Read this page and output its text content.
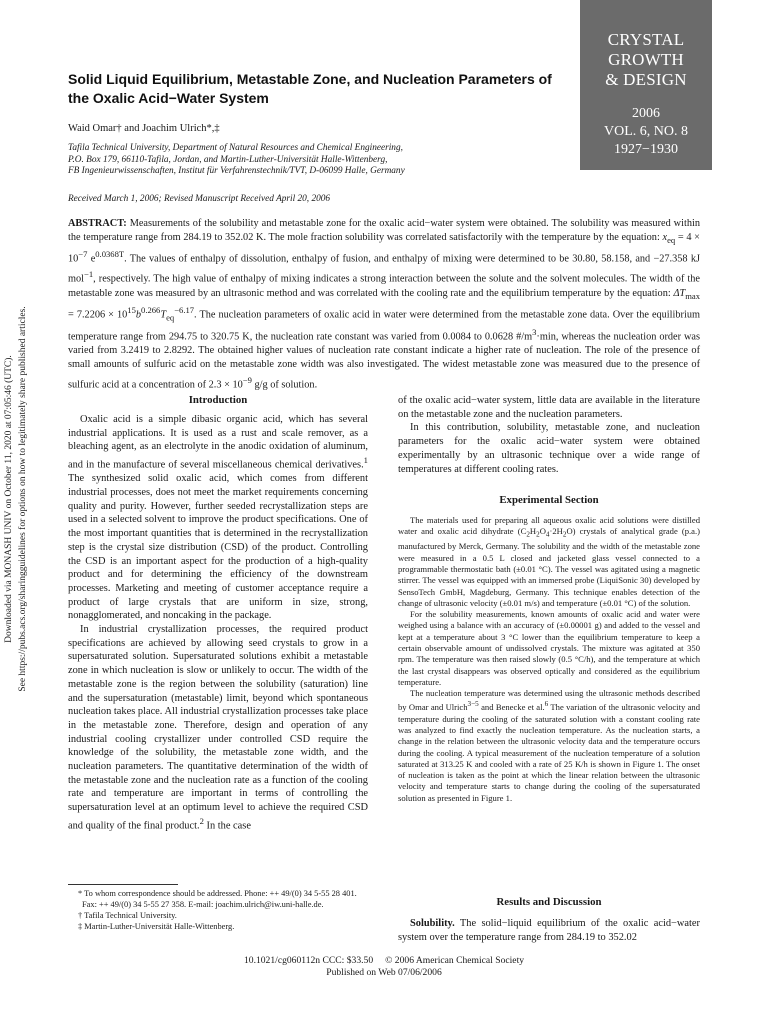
CRYSTAL
GROWTH
& DESIGN
2006
VOL. 6, NO. 8
1927−1930
Downloaded via MONASH UNIV on October 11, 2020 at 07:05:46 (UTC). See https://pubs.acs.org/sharingguidelines for options on how to legitimately share published articles.
Solid Liquid Equilibrium, Metastable Zone, and Nucleation Parameters of the Oxalic Acid−Water System
Waid Omar† and Joachim Ulrich*,‡
Tafila Technical University, Department of Natural Resources and Chemical Engineering,
P.O. Box 179, 66110-Tafila, Jordan, and Martin-Luther-Universität Halle-Wittenberg,
FB Ingenieurwissenschaften, Institut für Verfahrenstechnik/TVT, D-06099 Halle, Germany
Received March 1, 2006; Revised Manuscript Received April 20, 2006
ABSTRACT: Measurements of the solubility and metastable zone for the oxalic acid−water system were obtained. The solubility was measured within the temperature range from 284.19 to 352.02 K. The mole fraction solubility was correlated satisfactorily with the temperature by the equation: $x_{eq} = 4 \times 10^{-7}$ $e^{0.0368T}$. The values of enthalpy of dissolution, enthalpy of fusion, and enthalpy of mixing were determined to be 30.80, 58.158, and −27.358 kJ mol$^{-1}$, respectively. The high value of enthalpy of mixing indicates a strong interaction between the solute and the solvent molecules. The width of the metastable zone was measured by an ultrasonic method and was correlated with the cooling rate and the equilibrium temperature by the equation: $\Delta T_{max} = 7.2206 \times 10^{15}b^{0.266}T_{eq}^{-6.17}$. The nucleation parameters of oxalic acid in water were determined from the metastable zone data. Over the equilibrium temperature range from 294.75 to 320.75 K, the nucleation rate constant was varied from 0.0084 to 0.0628 $\#/m^3\cdot\min$, whereas the nucleation order was varied from 3.2419 to 2.8292. The obtained higher values of nucleation rate constant indicate a higher rate of nucleation. The role of the presence of small amounts of sulfuric acid on the metastable zone width was also investigated. The widest metastable zone was measured due to the presence of sulfuric acid at a concentration of $2.3 \times 10^{-9}$ g/g of solution.
Introduction

Oxalic acid is a simple dibasic organic acid, which has several industrial applications. It is used as a rust and scale remover, as a bleaching agent, as an electrolyte in the anodic oxidation of aluminum, and in the manufacture of several miscellaneous chemical derivatives.$^1$ The synthesized solid oxalic acid, which comes from different industrial processes, does not meet the market requirements concerning quality and purity. However, further seeded recrystallization steps are used in a selected solvent to improve the product specifications. One of the most important quantities that is determined in the recrystallization step is the crystal size distribution (CSD) of the product. Controlling the CSD is an important aspect for the production of a high-quality product and for determining the efficiency of the downstream processes. Marketing and meeting of customer acceptance require a product of large crystals that are uniform in size, strong, nonagglomerated, and noncaking in the package.

In industrial crystallization processes, the required product specifications are achieved by allowing seed crystals to grow in a supersaturated solution. Supersaturated solutions exhibit a metastable zone in which nucleation is slow or unlikely to occur. The width of the metastable zone is the region between the solubility (saturation) line and the supersaturation (metastable) limit, beyond which spontaneous nucleation takes place. All industrial crystallization processes take place in the metastable zone. Therefore, design and operation of any industrial cooling crystallizer under controlled CSD require the knowledge of the solubility, the metastable zone width, and the nucleation parameters. The quantitative determination of the width of the metastable zone and the nucleation rate as a function of the cooling rate and temperature are important in terms of controlling the supersaturation level at an optimum level to achieve the required CSD and quality of the final product.$^2$ In the case

of the oxalic acid−water system, little data are available in the literature on the metastable zone and the nucleation parameters.

In this contribution, solubility, metastable zone, and nucleation parameters for the oxalic acid−water system were obtained experimentally by an ultrasonic technique over a wide range of temperatures at different cooling rates.

Experimental Section

The materials used for preparing all aqueous oxalic acid solutions were distilled water and oxalic acid dihydrate $(C_2H_2O_4\cdot 2H_2O)$ crystals of analytical grade (p.a.) manufactured by Merck, Germany. The solubility and the width of the metastable zone were measured in a 0.5 L closed and jacketed glass vessel connected to a programmable thermostatic bath (±0.01 °C). The vessel was agitated using a magnetic stirrer. The vessel was equipped with an immersed probe (LiquiSonic 30) developed by SensoTech GmbH, Magdeburg, Germany. This technique enables detection of the change of ultrasonic velocity (±0.01 m/s) and temperature (±0.01 °C) of the solution.

For the solubility measurements, known amounts of oxalic acid and water were weighed using a balance with an accuracy of (±0.00001 g) and added to the vessel and kept at a temperature about 3 °C lower than the equilibrium temperature to keep a certain observable amount of undissolved crystals. The mixture was agitated at 350 rpm. The temperature was then raised slowly (0.5 °C/h), and the temperature at which the last crystal disappears was observed optically and considered as the equilibrium temperature.

The nucleation temperature was determined using the ultrasonic methods described by Omar and Ulrich$^{3-5}$ and Benecke et al.$^6$ The variation of the ultrasonic velocity and temperature during the cooling of the saturated solution with a constant cooling rate was analyzed to find exactly the nucleation temperature. As the nucleation starts, a change in the relation between the ultrasonic velocity data and the temperature occurs during the cooling. A typical measurement of the nucleation temperature of a solution saturated at 313.25 K and cooled with a rate of 25 K/h is shown in Figure 1. The onset of nucleation is taken as the point at which the linear relation between the ultrasonic velocity and temperature starts to change during the cooling of the supersaturated solution as presented in Figure 1.

Results and Discussion

Solubility. The solid−liquid equilibrium of the oxalic acid−water system over the temperature range from 284.19 to 352.02

* To whom correspondence should be addressed. Phone: ++ 49/(0) 34 5-55 28 401. Fax: ++ 49/(0) 34 5-55 27 358. E-mail: joachim.ulrich@iw.uni-halle.de.

† Tafila Technical University.

‡ Martin-Luther-Universität Halle-Wittenberg.

10.1021/cg060112n CCC: $33.50     © 2006 American Chemical Society
Published on Web 07/06/2006
